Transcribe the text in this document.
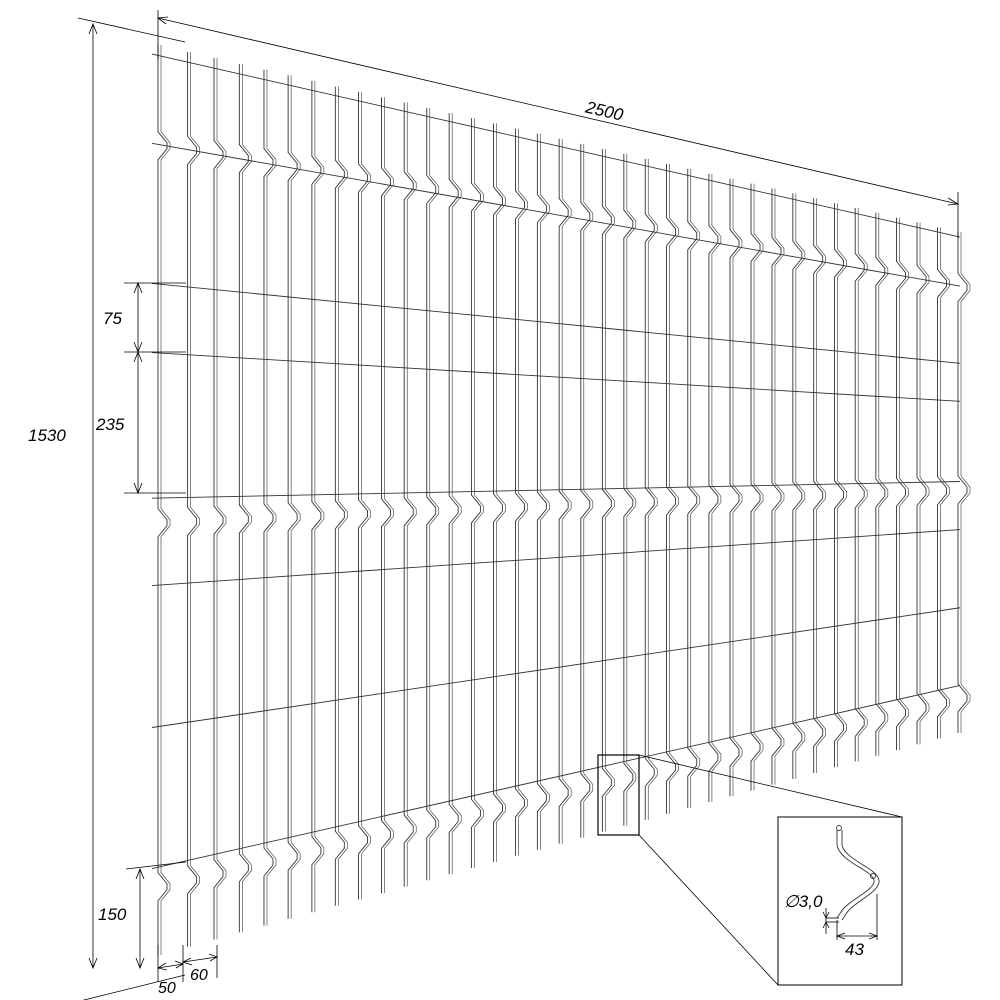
1530
2500
75
235
150
50
60
∅3,0
43
